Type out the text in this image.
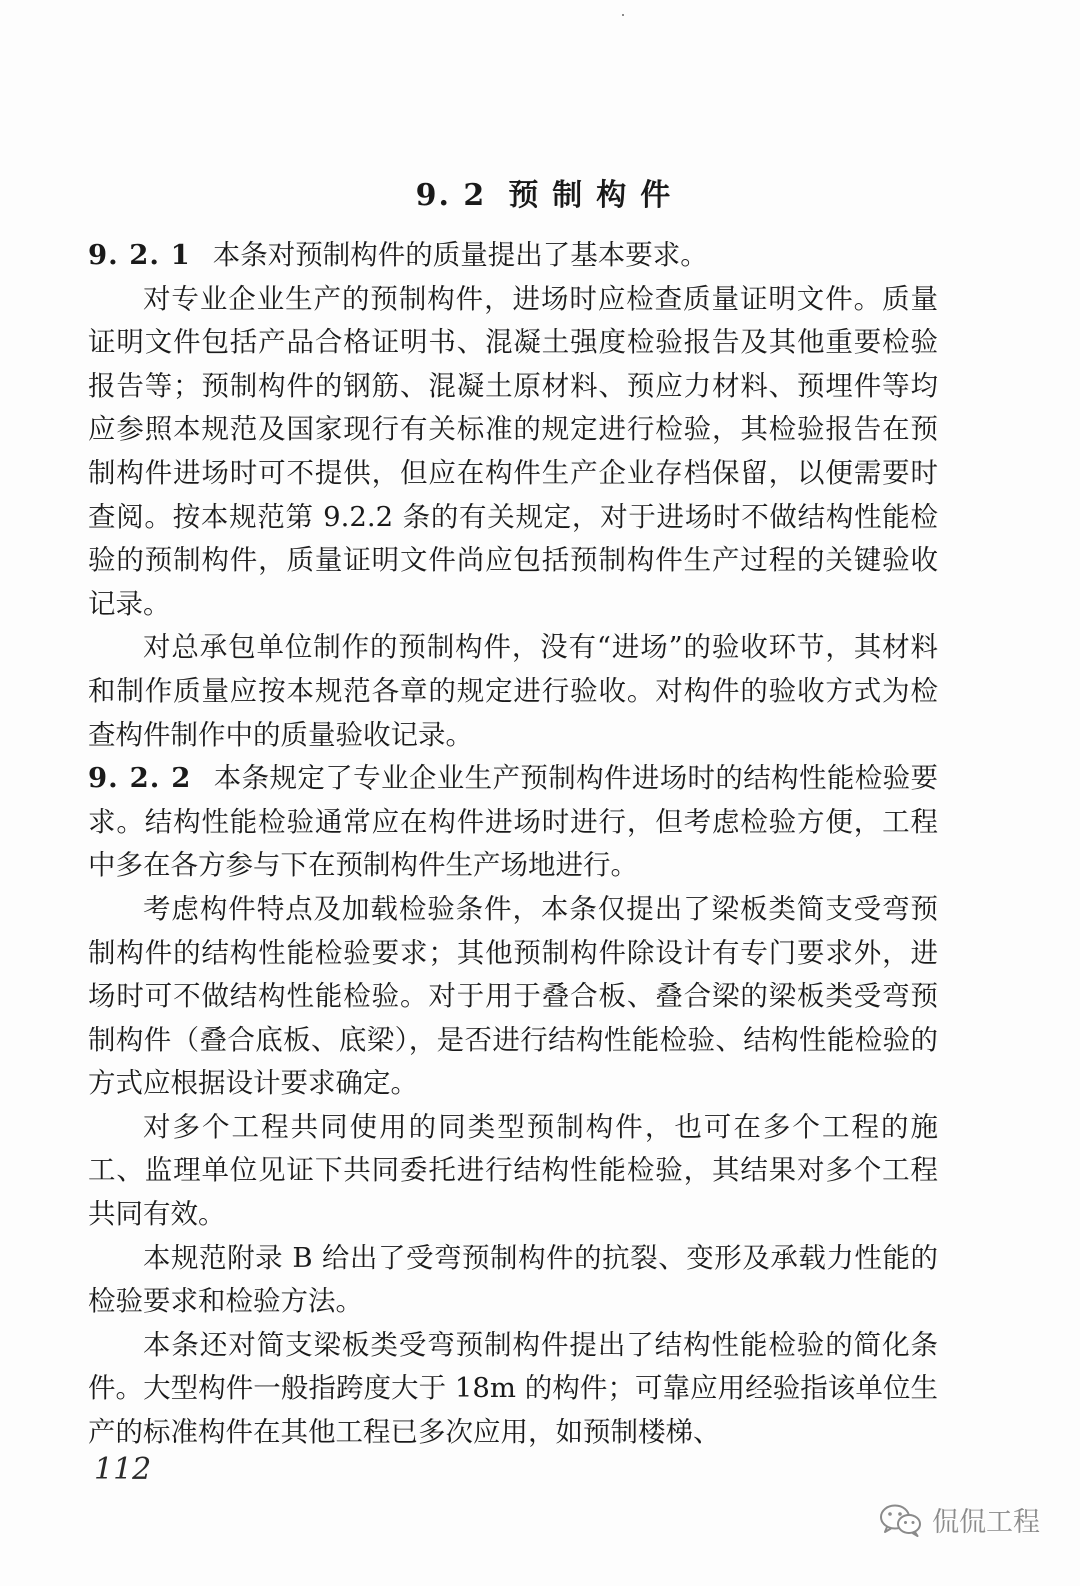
9. 2 预制构件

9. 2. 1 本条对预制构件的质量提出了基本要求。

对专业企业生产的预制构件，进场时应检查质量证明文件。质量证明文件包括产品合格证明书、混凝土强度检验报告及其他重要检验报告等；预制构件的钢筋、混凝土原材料、预应力材料、预埋件等均应参照本规范及国家现行有关标准的规定进行检验，其检验报告在预制构件进场时可不提供，但应在构件生产企业存档保留，以便需要时查阅。按本规范第 9.2.2 条的有关规定，对于进场时不做结构性能检验的预制构件，质量证明文件尚应包括预制构件生产过程的关键验收记录。

对总承包单位制作的预制构件，没有“进场”的验收环节，其材料和制作质量应按本规范各章的规定进行验收。对构件的验收方式为检查构件制作中的质量验收记录。

9. 2. 2 本条规定了专业企业生产预制构件进场时的结构性能检验要求。结构性能检验通常应在构件进场时进行，但考虑检验方便，工程中多在各方参与下在预制构件生产场地进行。

考虑构件特点及加载检验条件，本条仅提出了梁板类简支受弯预制构件的结构性能检验要求；其他预制构件除设计有专门要求外，进场时可不做结构性能检验。对于用于叠合板、叠合梁的梁板类受弯预制构件（叠合底板、底梁），是否进行结构性能检验、结构性能检验的方式应根据设计要求确定。

对多个工程共同使用的同类型预制构件，也可在多个工程的施工、监理单位见证下共同委托进行结构性能检验，其结果对多个工程共同有效。

本规范附录 B 给出了受弯预制构件的抗裂、变形及承载力性能的检验要求和检验方法。

本条还对简支梁板类受弯预制构件提出了结构性能检验的简化条件。大型构件一般指跨度大于 18m 的构件；可靠应用经验指该单位生产的标准构件在其他工程已多次应用，如预制楼梯、

112
侃侃工程
